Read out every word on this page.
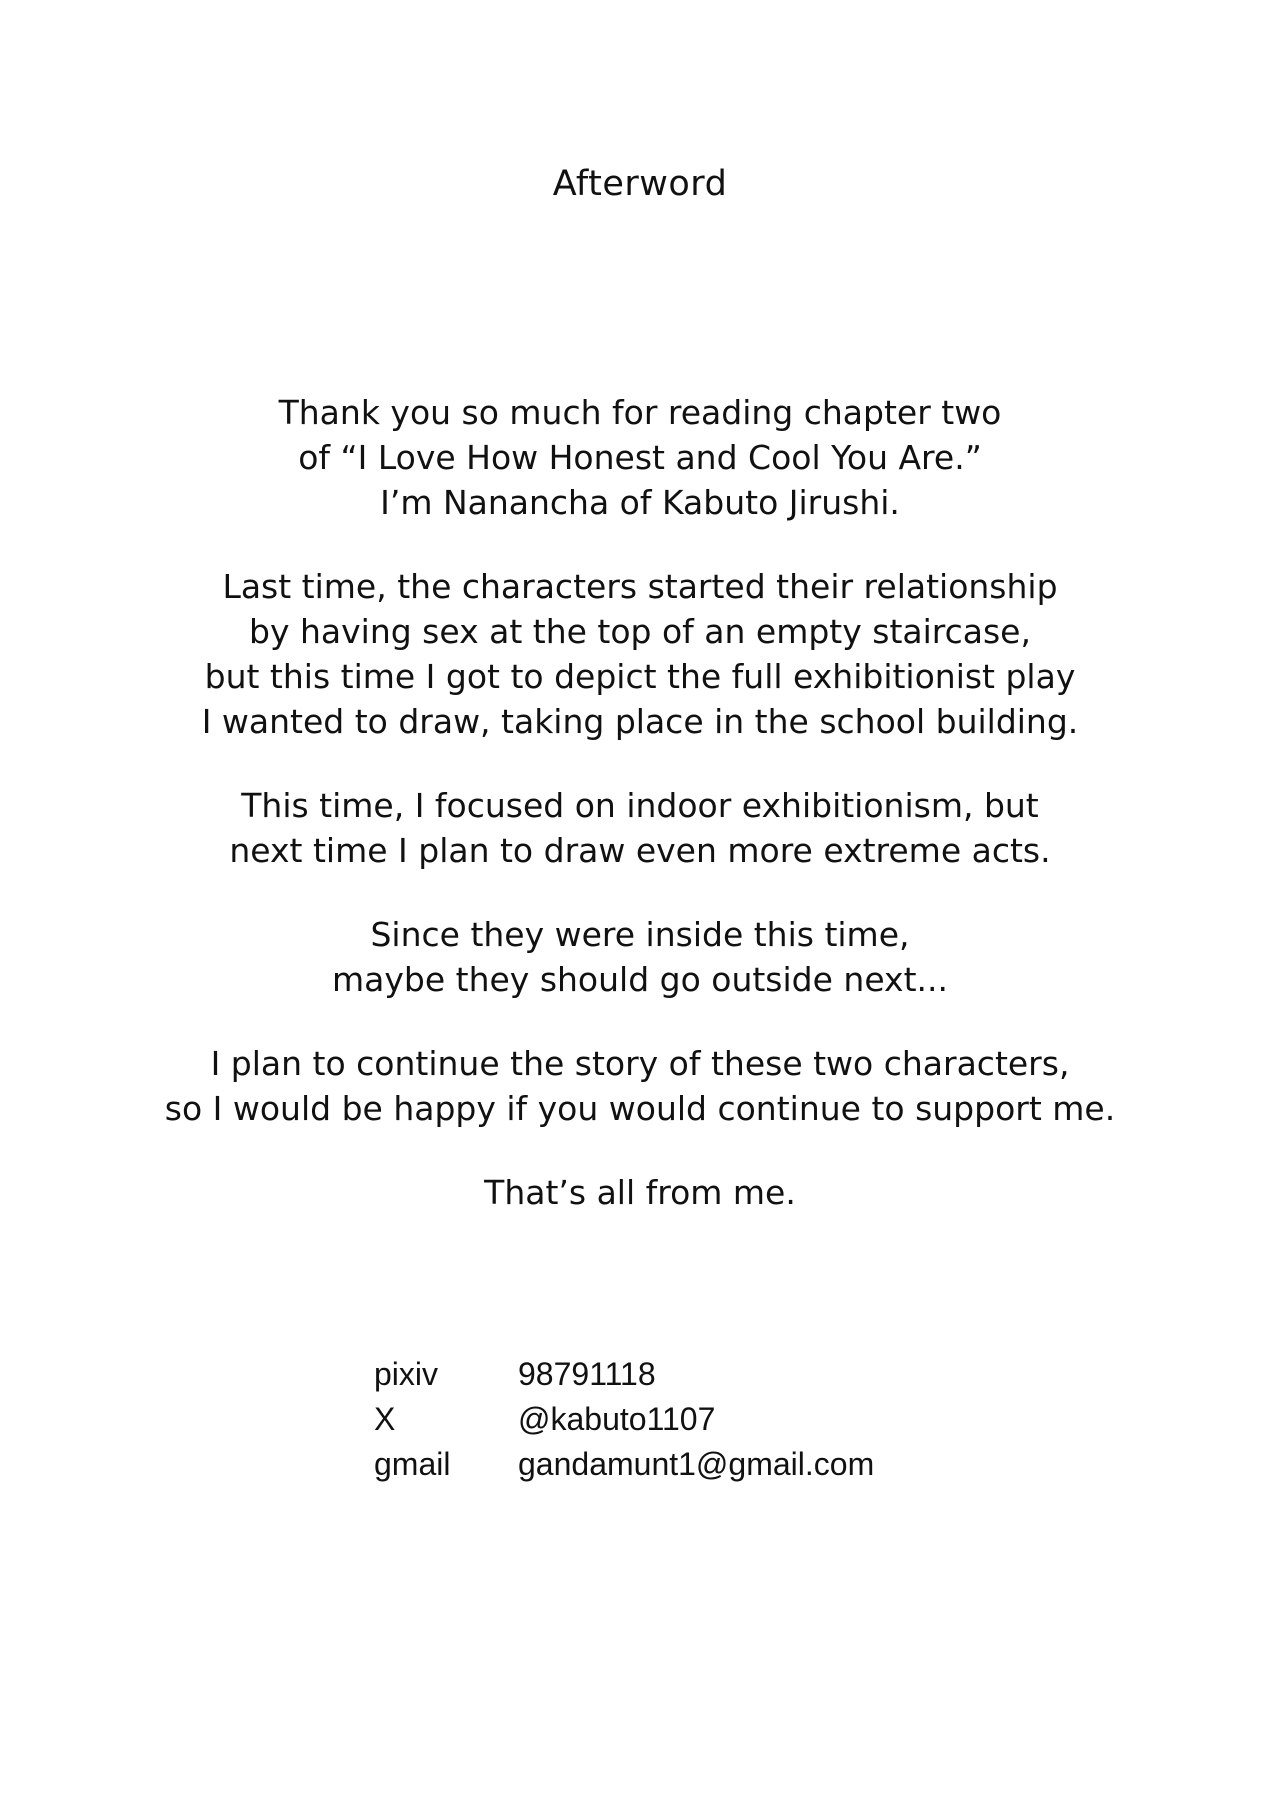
Afterword

Thank you so much for reading chapter two
of “I Love How Honest and Cool You Are.”
I’m Nanancha of Kabuto Jirushi.

Last time, the characters started their relationship
by having sex at the top of an empty staircase,
but this time I got to depict the full exhibitionist play
I wanted to draw, taking place in the school building.

This time, I focused on indoor exhibitionism, but
next time I plan to draw even more extreme acts.

Since they were inside this time,
maybe they should go outside next...

I plan to continue the story of these two characters,
so I would be happy if you would continue to support me.

That’s all from me.

pixiv	98791118
X	@kabuto1107
gmail	gandamunt1@gmail.com
